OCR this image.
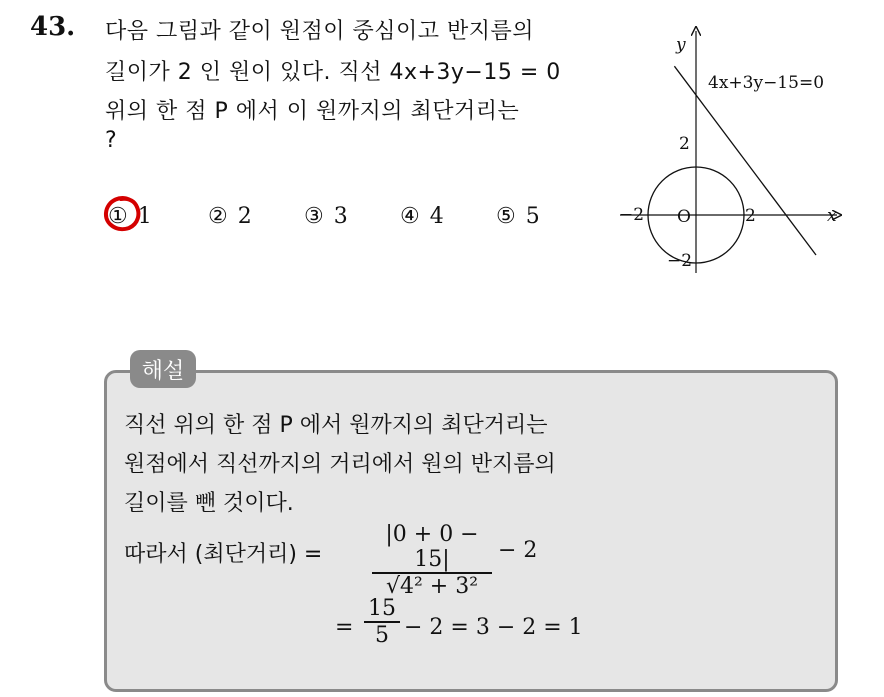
43. 다음 그림과 같이 원점이 중심이고 반지름의
길이가 2 인 원이 있다. 직선 4x+3y−15 = 0
위의 한 점 P 에서 이 원까지의 최단거리는
?
① 1	② 2 ③ 3 ④ 4 ⑤ 5
y
x
4x+3y−15=0
2
−2 O	2
−2
해설
직선 위의 한 점 P 에서 원까지의 최단거리는
원점에서 직선까지의 거리에서 원의 반지름의
길이를 뺀 것이다.
따라서 (최단거리) = $\frac{|0 + 0 - 15|}{\text{√4² + 3²}} - 2$
= $\frac{15}{5} - 2 = 3 - 2 = 1$
